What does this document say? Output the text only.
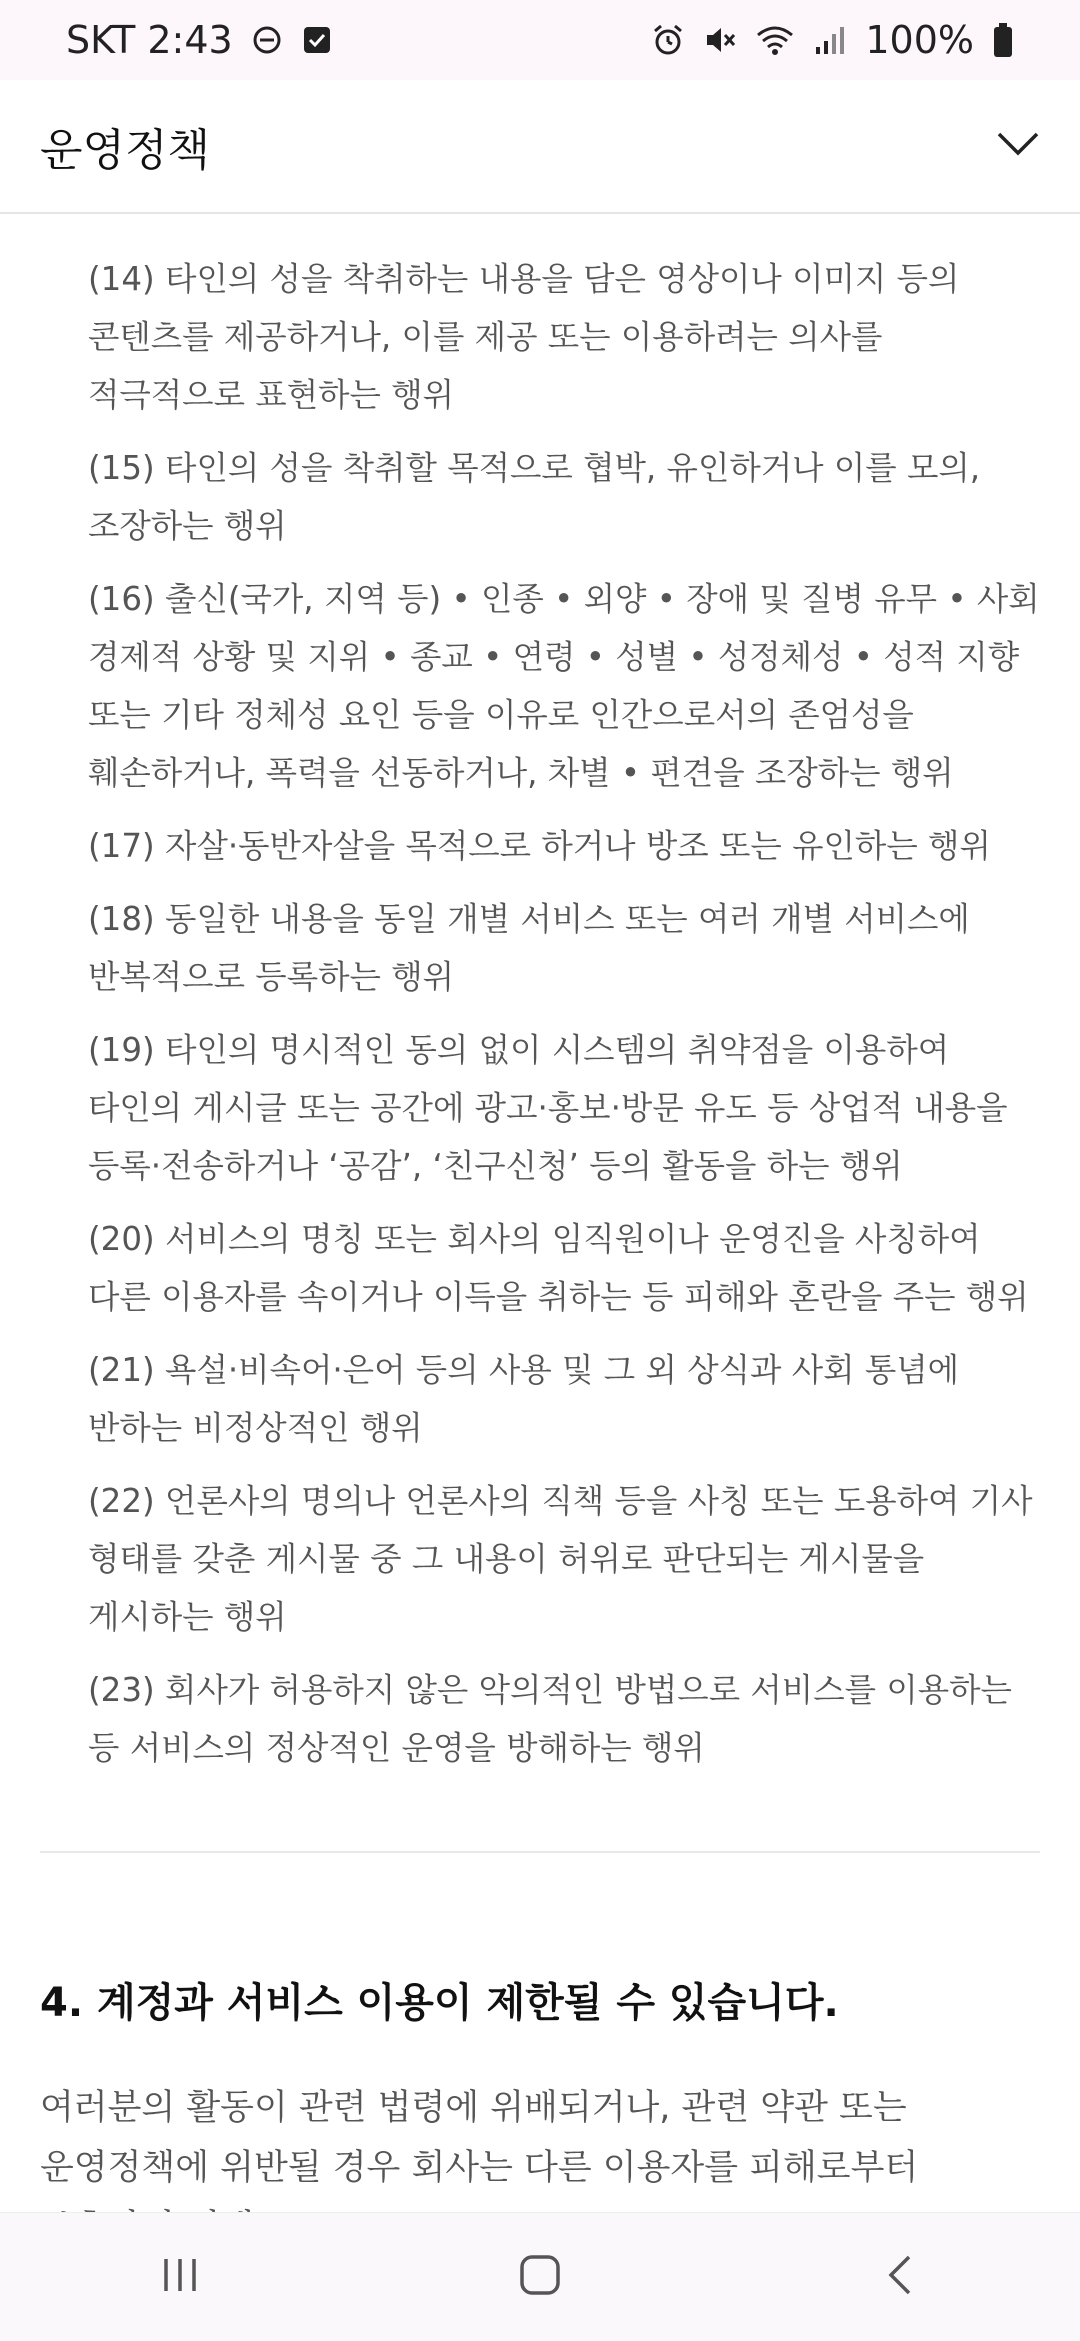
SKT 2:43	100%
운영정책
(14) 타인의 성을 착취하는 내용을 담은 영상이나 이미지 등의 콘텐츠를 제공하거나, 이를 제공 또는 이용하려는 의사를 적극적으로 표현하는 행위
(15) 타인의 성을 착취할 목적으로 협박, 유인하거나 이를 모의, 조장하는 행위
(16) 출신(국가, 지역 등) • 인종 • 외양 • 장애 및 질병 유무 • 사회 경제적 상황 및 지위 • 종교 • 연령 • 성별 • 성정체성 • 성적 지향 또는 기타 정체성 요인 등을 이유로 인간으로서의 존엄성을 훼손하거나, 폭력을 선동하거나, 차별 • 편견을 조장하는 행위
(17) 자살·동반자살을 목적으로 하거나 방조 또는 유인하는 행위
(18) 동일한 내용을 동일 개별 서비스 또는 여러 개별 서비스에 반복적으로 등록하는 행위
(19) 타인의 명시적인 동의 없이 시스템의 취약점을 이용하여 타인의 게시글 또는 공간에 광고·홍보·방문 유도 등 상업적 내용을 등록·전송하거나 ‘공감’, ‘친구신청’ 등의 활동을 하는 행위
(20) 서비스의 명칭 또는 회사의 임직원이나 운영진을 사칭하여 다른 이용자를 속이거나 이득을 취하는 등 피해와 혼란을 주는 행위
(21) 욕설·비속어·은어 등의 사용 및 그 외 상식과 사회 통념에 반하는 비정상적인 행위
(22) 언론사의 명의나 언론사의 직책 등을 사칭 또는 도용하여 기사 형태를 갖춘 게시물 중 그 내용이 허위로 판단되는 게시물을 게시하는 행위
(23) 회사가 허용하지 않은 악의적인 방법으로 서비스를 이용하는 등 서비스의 정상적인 운영을 방해하는 행위
4. 계정과 서비스 이용이 제한될 수 있습니다.
여러분의 활동이 관련 법령에 위배되거나, 관련 약관 또는 운영정책에 위반될 경우 회사는 다른 이용자를 피해로부터
